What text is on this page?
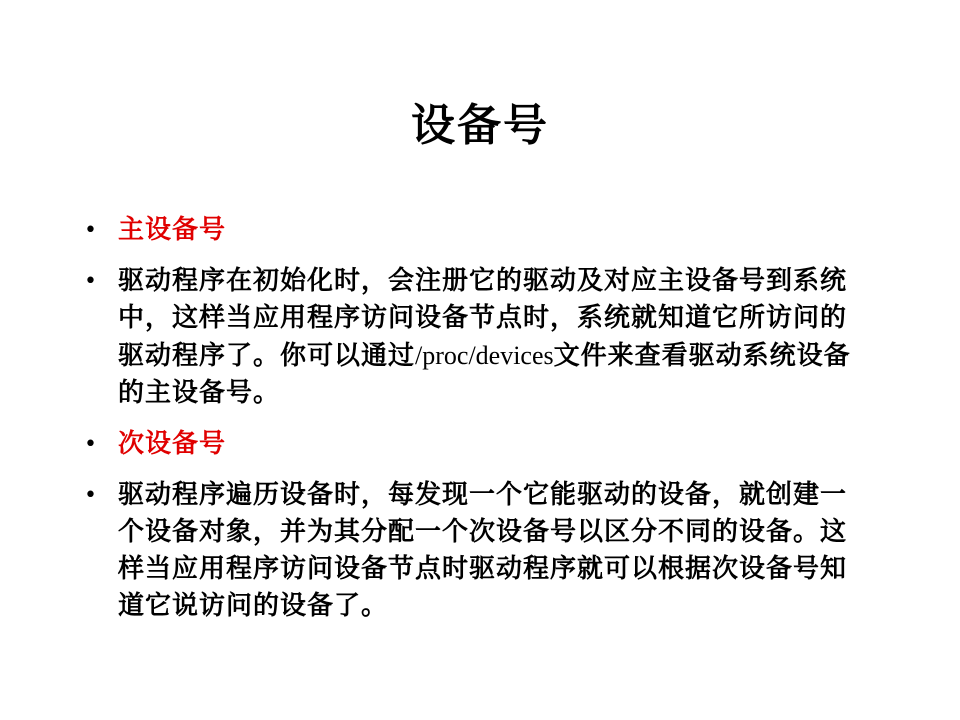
设备号
• 主设备号
• 驱动程序在初始化时，会注册它的驱动及对应主设备号到系统中，这样当应用程序访问设备节点时，系统就知道它所访问的驱动程序了。你可以通过/proc/devices文件来查看驱动系统设备的主设备号。
• 次设备号
• 驱动程序遍历设备时，每发现一个它能驱动的设备，就创建一个设备对象，并为其分配一个次设备号以区分不同的设备。这样当应用程序访问设备节点时驱动程序就可以根据次设备号知道它说访问的设备了。
